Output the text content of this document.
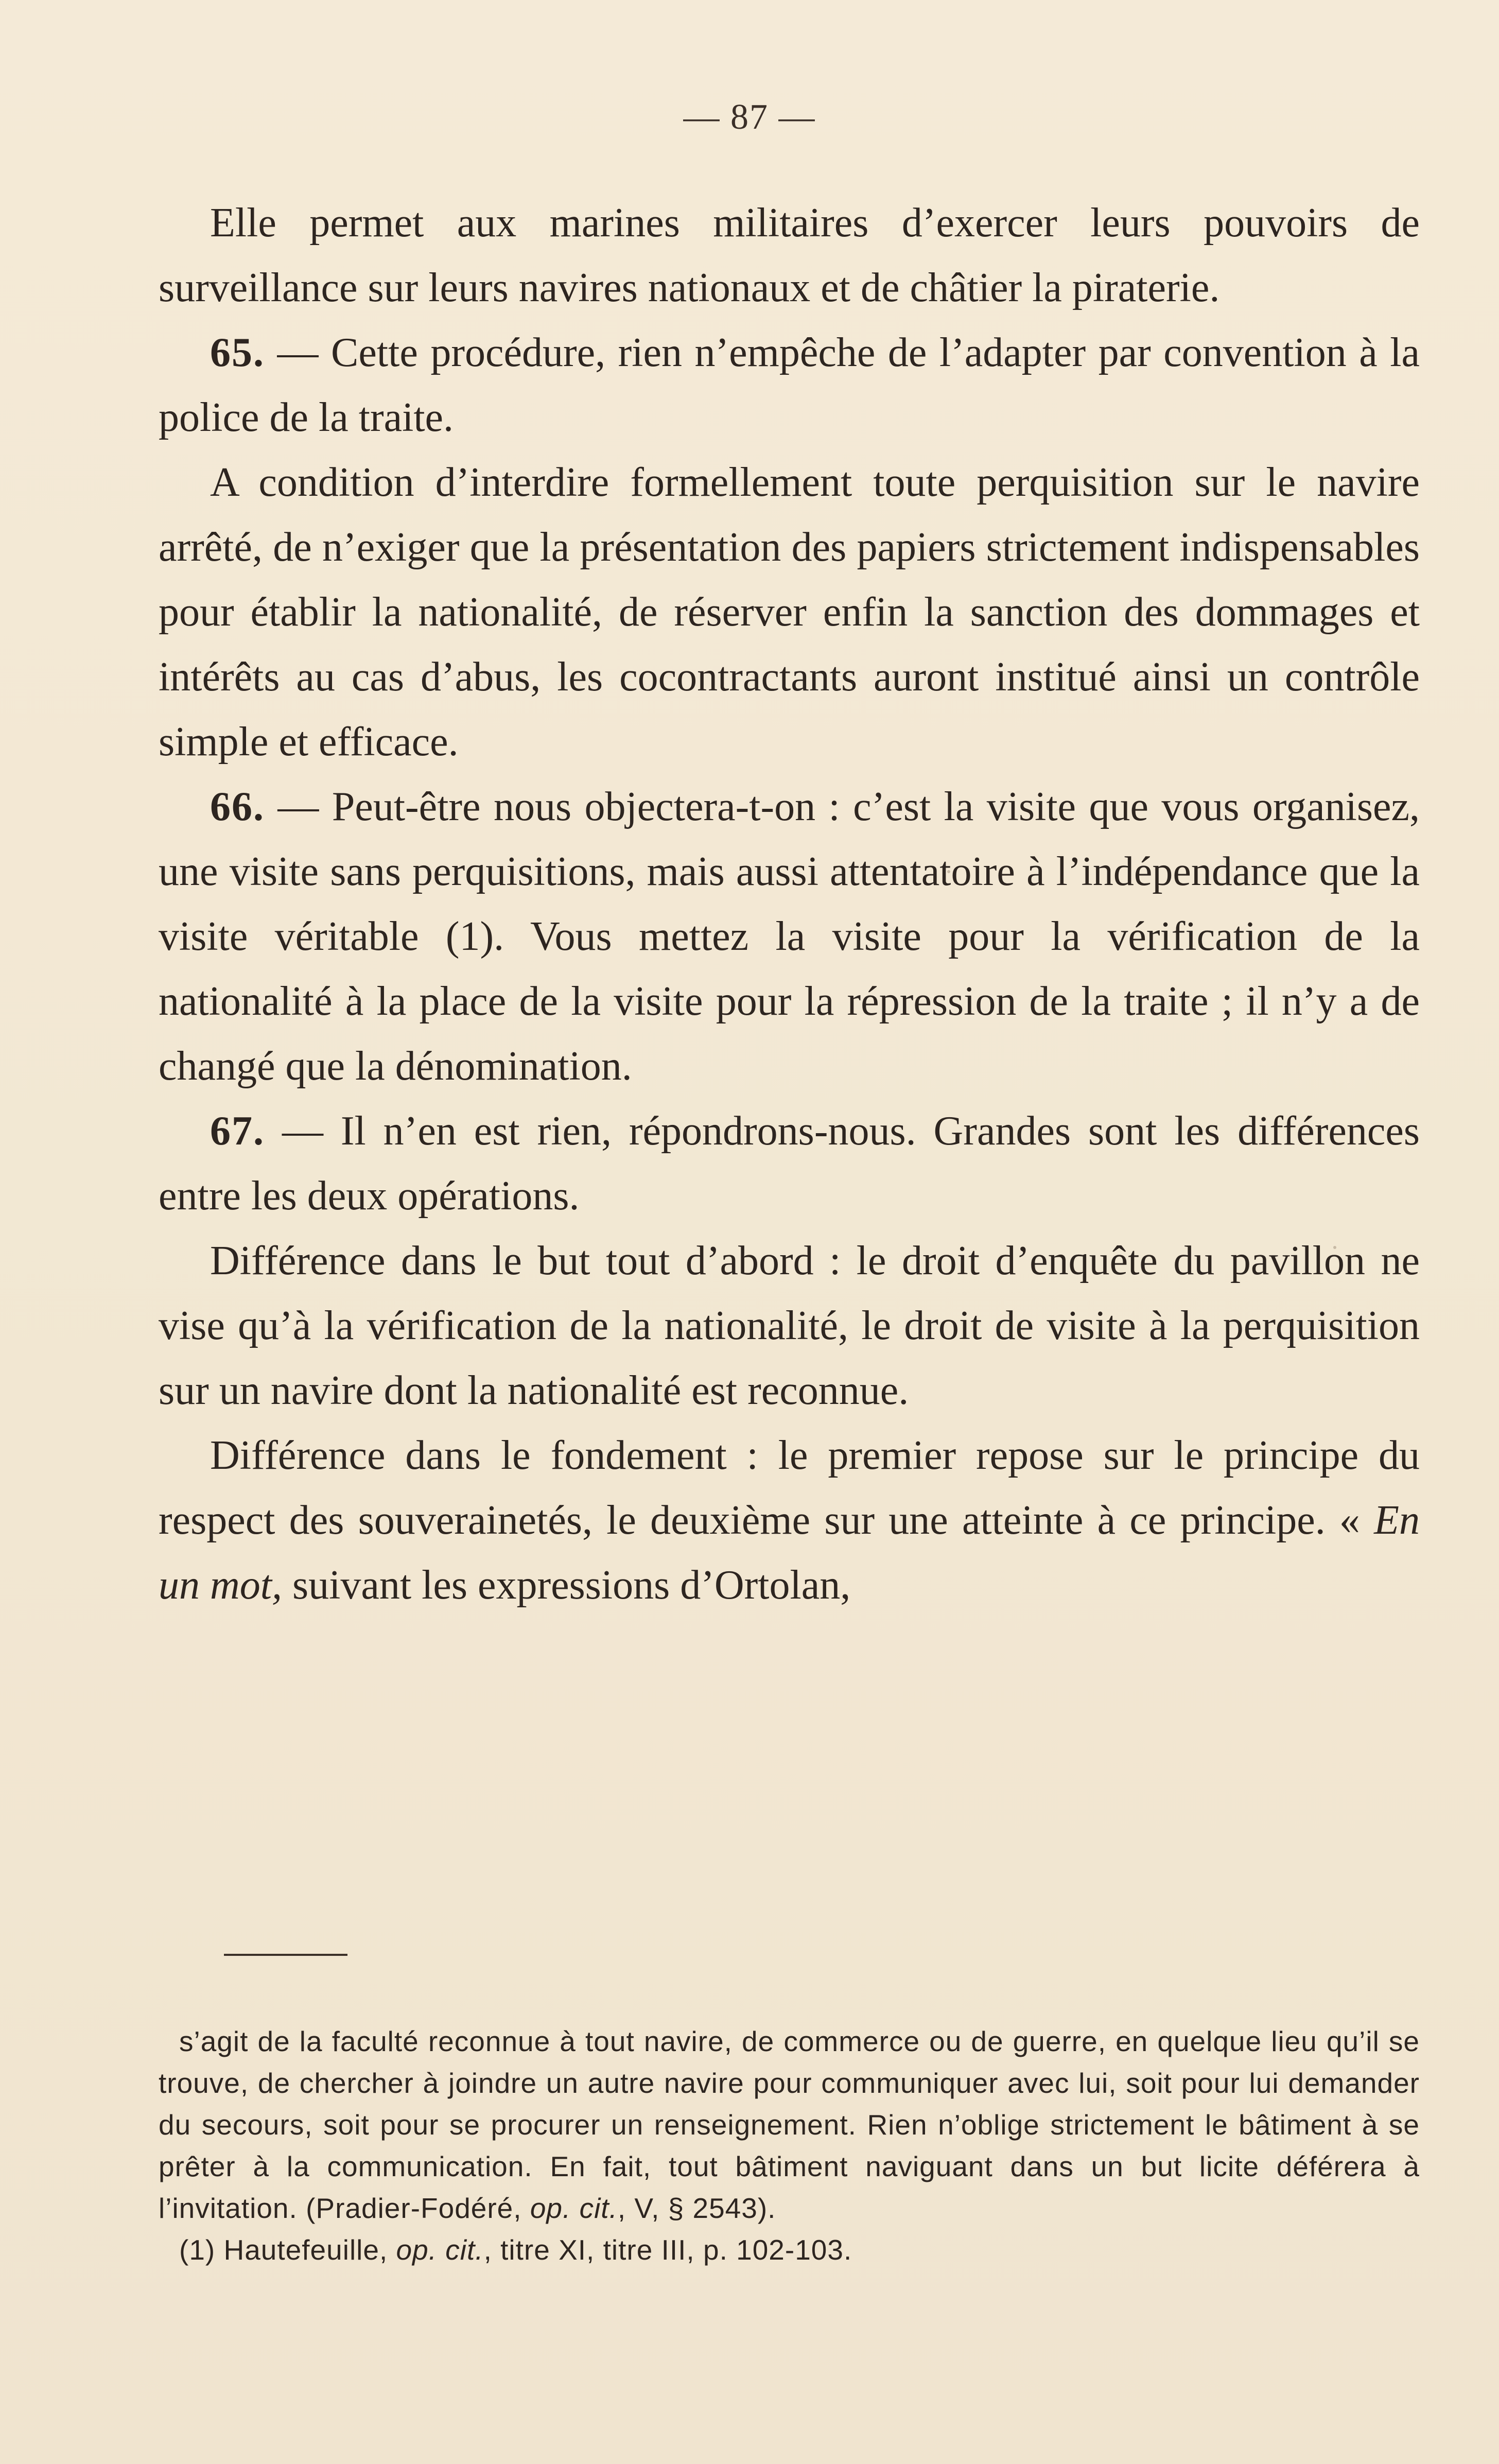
— 87 —

Elle permet aux marines militaires d’exercer leurs pouvoirs de surveillance sur leurs navires nationaux et de châtier la piraterie.

65. — Cette procédure, rien n’empêche de l’adapter par convention à la police de la traite.

A condition d’interdire formellement toute perquisition sur le navire arrêté, de n’exiger que la présentation des papiers strictement indispensables pour établir la nationalité, de réserver enfin la sanction des dommages et intérêts au cas d’abus, les cocontractants auront institué ainsi un contrôle simple et efficace.

66. — Peut-être nous objectera-t-on : c’est la visite que vous organisez, une visite sans perquisitions, mais aussi attentatoire à l’indépendance que la visite véritable (1). Vous mettez la visite pour la vérification de la nationalité à la place de la visite pour la répression de la traite ; il n’y a de changé que la dénomination.

67. — Il n’en est rien, répondrons-nous. Grandes sont les différences entre les deux opérations.

Différence dans le but tout d’abord : le droit d’enquête du pavillon ne vise qu’à la vérification de la nationalité, le droit de visite à la perquisition sur un navire dont la nationalité est reconnue.

Différence dans le fondement : le premier repose sur le principe du respect des souverainetés, le deuxième sur une atteinte à ce principe. « En un mot, suivant les expressions d’Ortolan,

s’agit de la faculté reconnue à tout navire, de commerce ou de guerre, en quelque lieu qu’il se trouve, de chercher à joindre un autre navire pour communiquer avec lui, soit pour lui demander du secours, soit pour se procurer un renseignement. Rien n’oblige strictement le bâtiment à se prêter à la communication. En fait, tout bâtiment naviguant dans un but licite déférera à l’invitation. (Pradier-Fodéré, op. cit., V, § 2543).

(1) Hautefeuille, op. cit., titre XI, titre III, p. 102-103.
